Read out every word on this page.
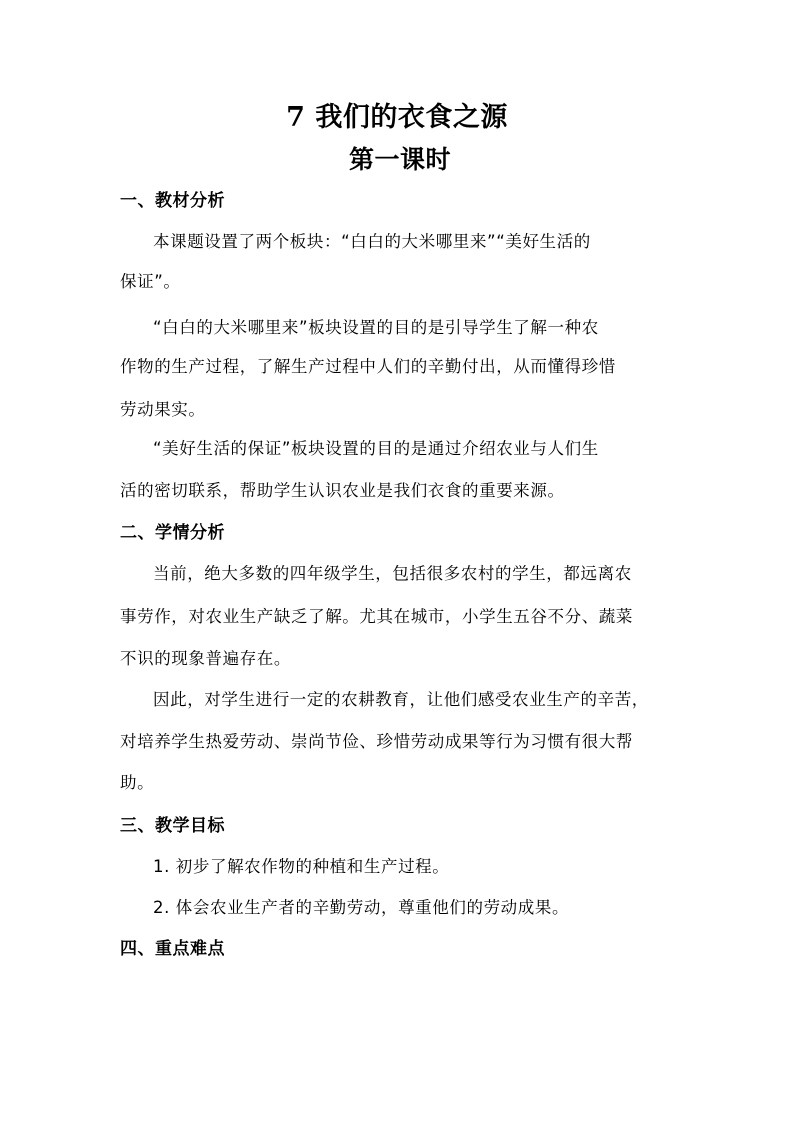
7 我们的衣食之源
第一课时
一、教材分析
本课题设置了两个板块：“白白的大米哪里来”“美好生活的
保证”。
“白白的大米哪里来”板块设置的目的是引导学生了解一种农
作物的生产过程，了解生产过程中人们的辛勤付出，从而懂得珍惜
劳动果实。
“美好生活的保证”板块设置的目的是通过介绍农业与人们生
活的密切联系，帮助学生认识农业是我们衣食的重要来源。
二、学情分析
当前，绝大多数的四年级学生，包括很多农村的学生，都远离农
事劳作，对农业生产缺乏了解。尤其在城市，小学生五谷不分、蔬菜
不识的现象普遍存在。
因此，对学生进行一定的农耕教育，让他们感受农业生产的辛苦，
对培养学生热爱劳动、崇尚节俭、珍惜劳动成果等行为习惯有很大帮
助。
三、教学目标
1. 初步了解农作物的种植和生产过程。
2. 体会农业生产者的辛勤劳动，尊重他们的劳动成果。
四、重点难点
